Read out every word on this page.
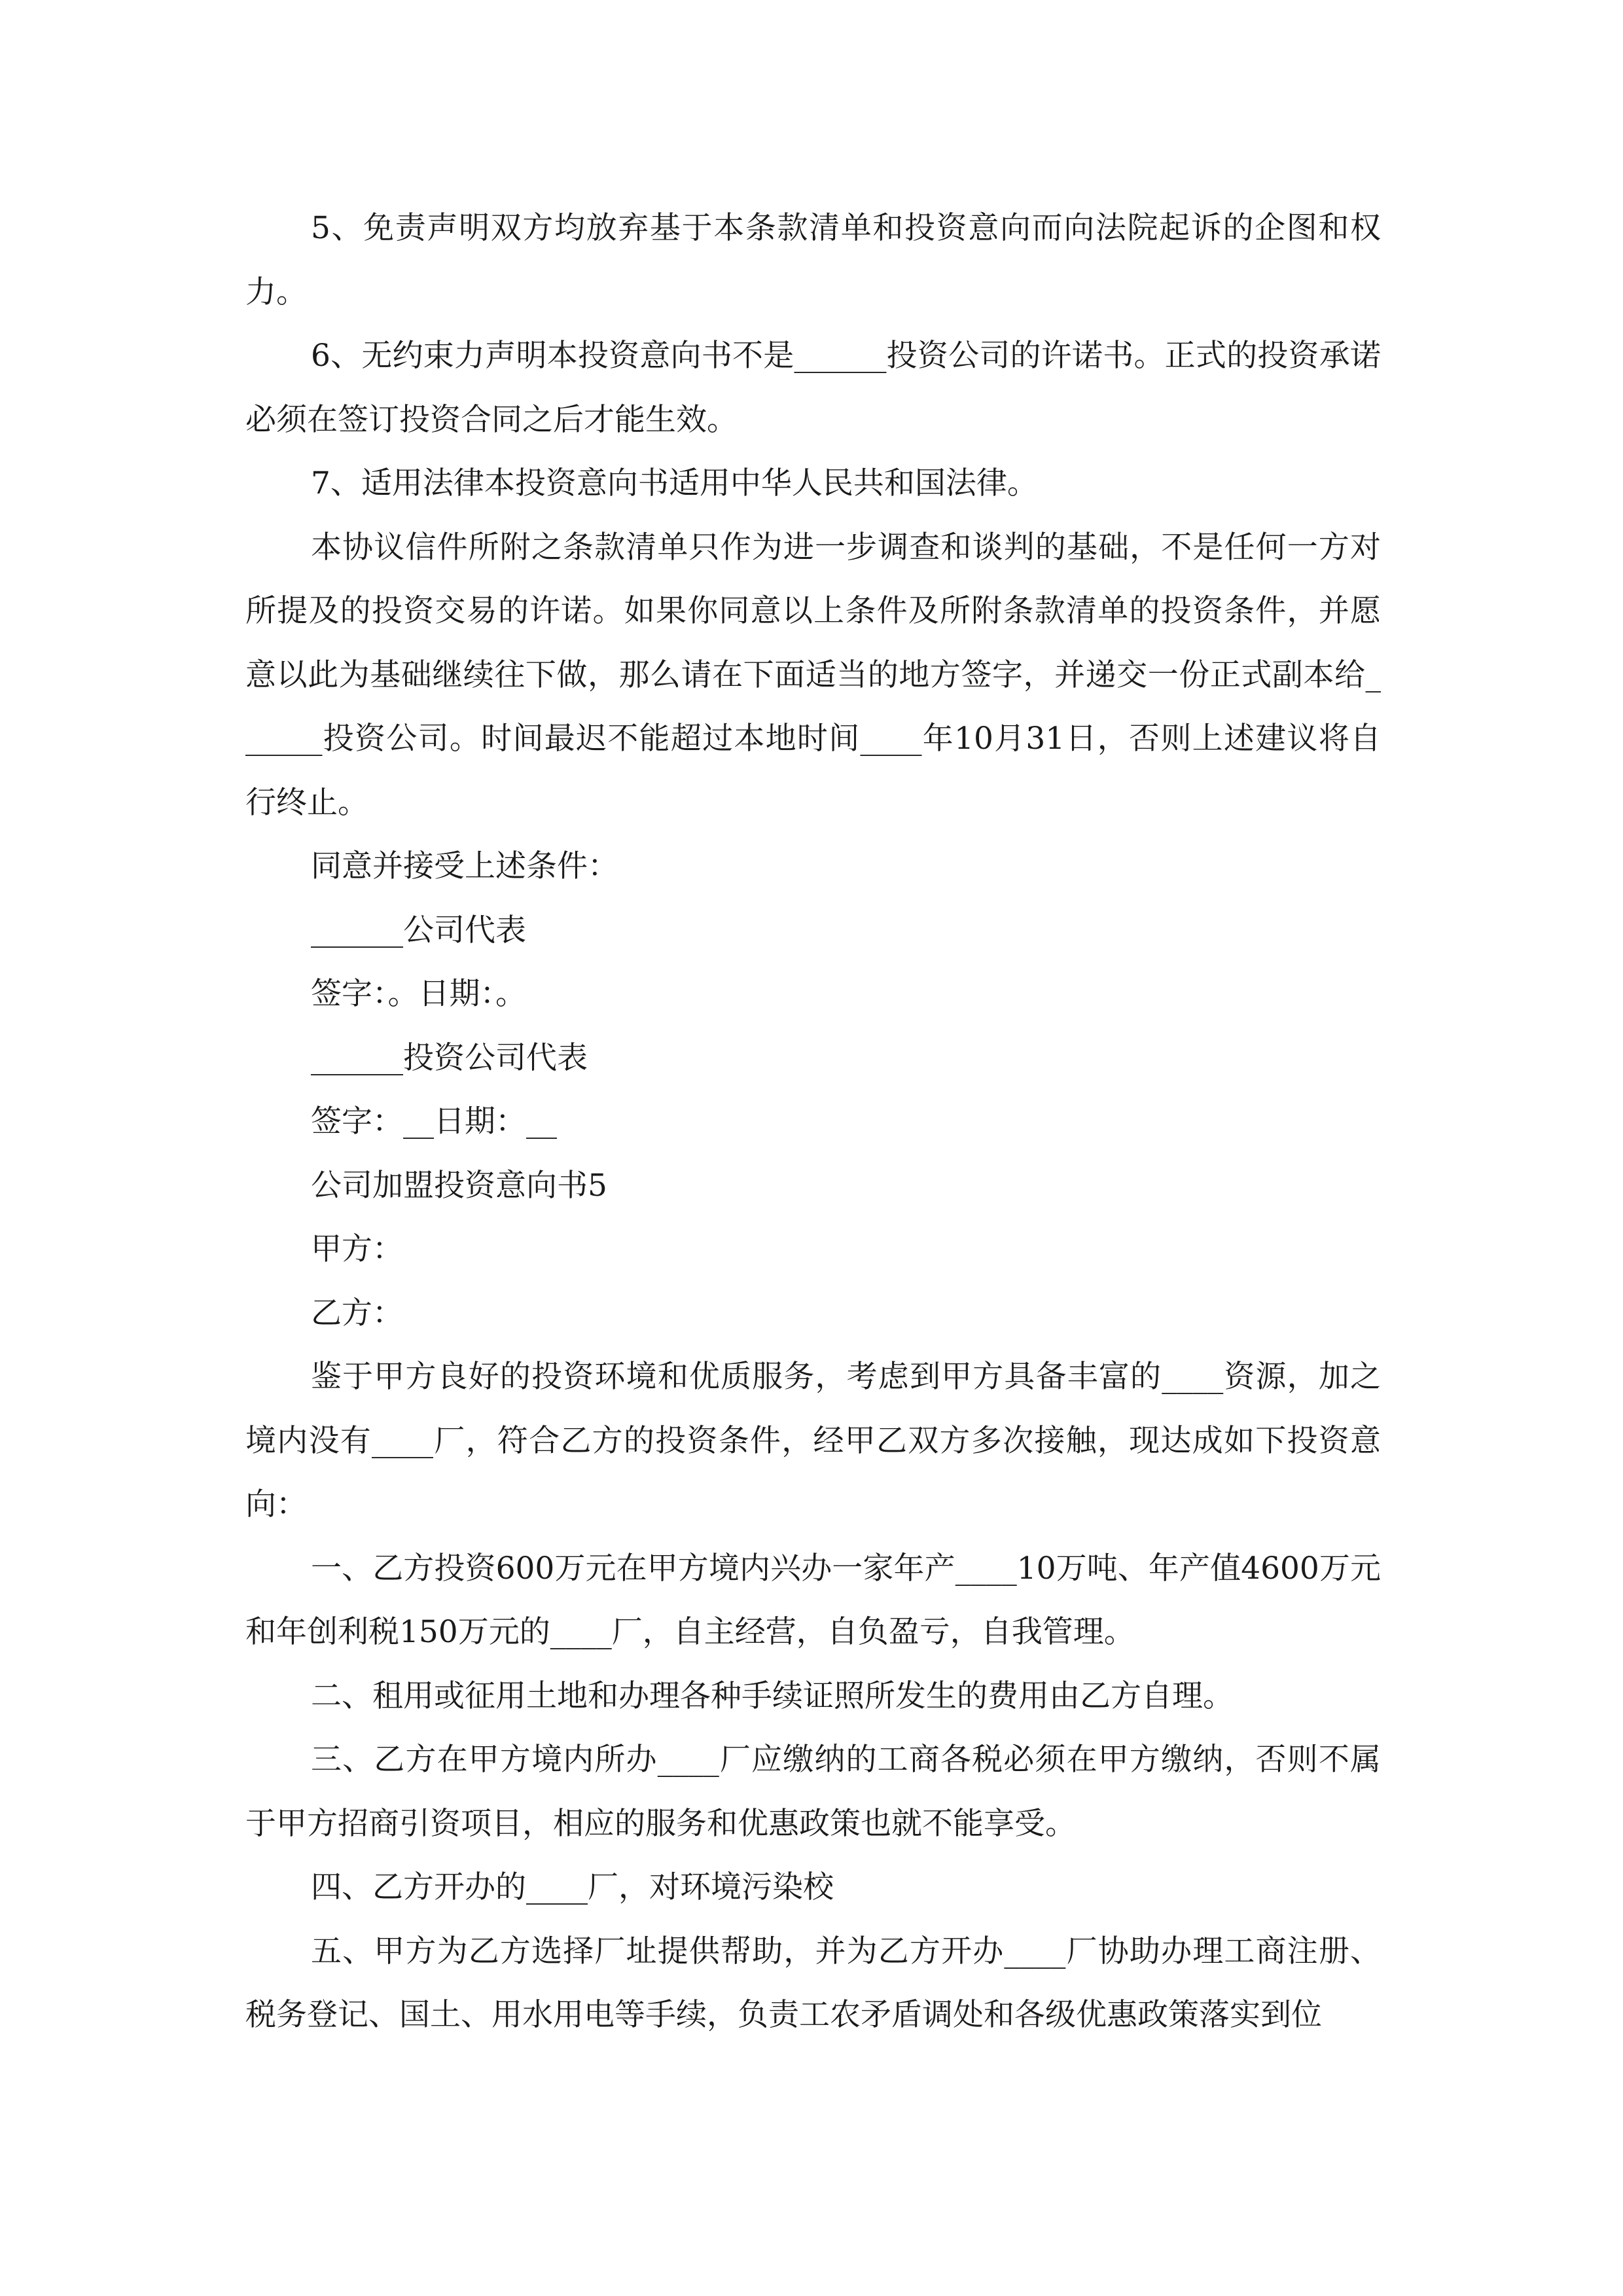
5、免责声明双方均放弃基于本条款清单和投资意向而向法院起诉的企图和权力。

6、无约束力声明本投资意向书不是______投资公司的许诺书。正式的投资承诺必须在签订投资合同之后才能生效。

7、适用法律本投资意向书适用中华人民共和国法律。

本协议信件所附之条款清单只作为进一步调查和谈判的基础，不是任何一方对所提及的投资交易的许诺。如果你同意以上条件及所附条款清单的投资条件，并愿意以此为基础继续往下做，那么请在下面适当的地方签字，并递交一份正式副本给______投资公司。时间最迟不能超过本地时间____年10月31日，否则上述建议将自行终止。

同意并接受上述条件：

______公司代表

签字：。日期：。

______投资公司代表

签字：__日期：__

公司加盟投资意向书5

甲方：

乙方：

鉴于甲方良好的投资环境和优质服务，考虑到甲方具备丰富的____资源，加之境内没有____厂，符合乙方的投资条件，经甲乙双方多次接触，现达成如下投资意向：

一、乙方投资600万元在甲方境内兴办一家年产____10万吨、年产值4600万元和年创利税150万元的____厂，自主经营，自负盈亏，自我管理。

二、租用或征用土地和办理各种手续证照所发生的费用由乙方自理。

三、乙方在甲方境内所办____厂应缴纳的工商各税必须在甲方缴纳，否则不属于甲方招商引资项目，相应的服务和优惠政策也就不能享受。

四、乙方开办的____厂，对环境污染校

五、甲方为乙方选择厂址提供帮助，并为乙方开办____厂协助办理工商注册、税务登记、国土、用水用电等手续，负责工农矛盾调处和各级优惠政策落实到位
